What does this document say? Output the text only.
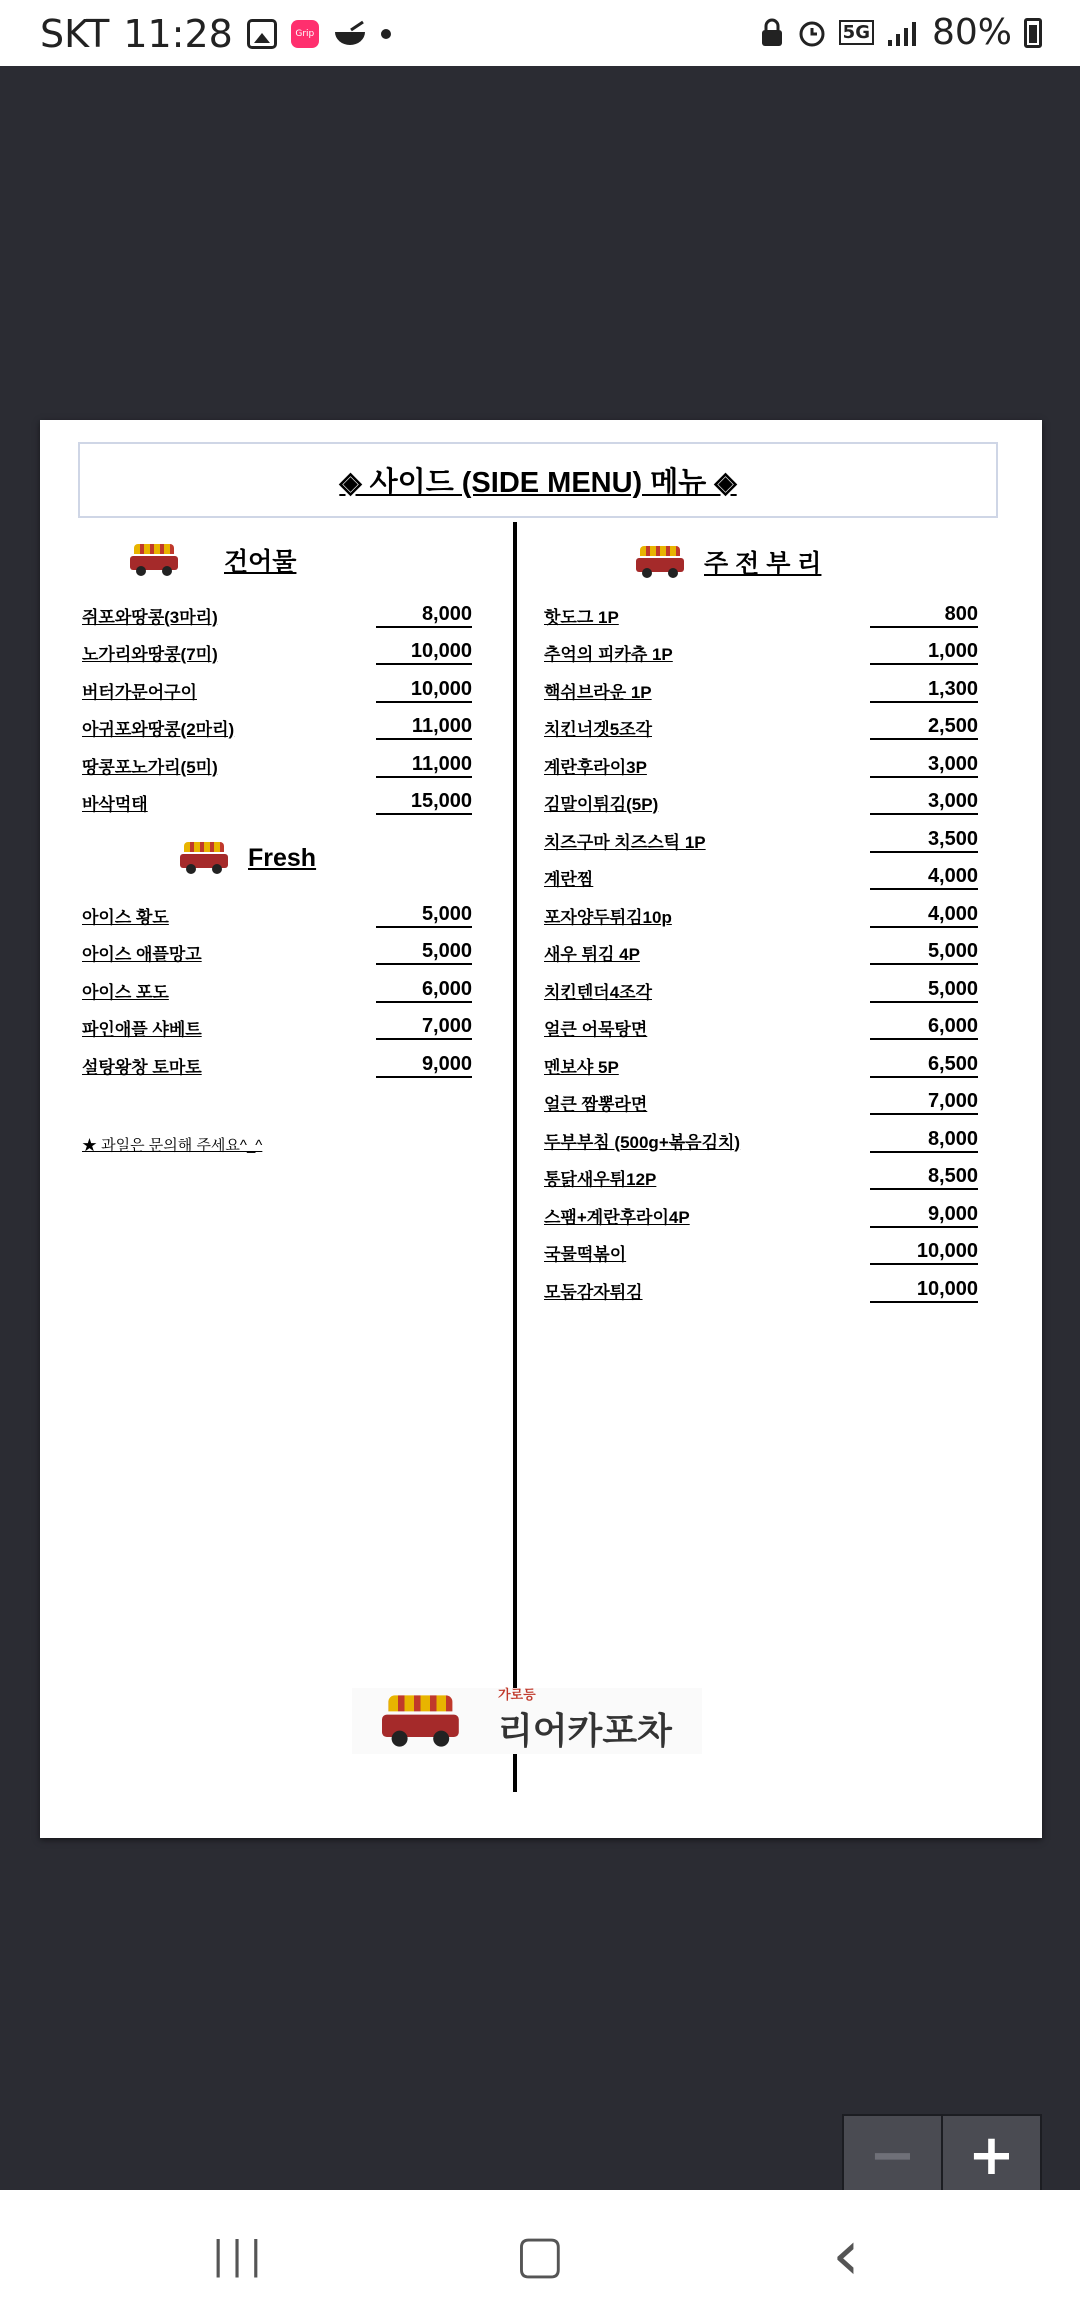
SKT 11:28	Grip	5G 80%
◈ 사이드 (SIDE MENU) 메뉴 ◈
건어물
쥐포와땅콩(3마리)	8,000
노가리와땅콩(7미)	10,000
버터가문어구이	10,000
아귀포와땅콩(2마리)	11,000
땅콩포노가리(5미)	11,000
바삭먹태	15,000
Fresh
아이스 황도	5,000
아이스 애플망고	5,000
아이스 포도	6,000
파인애플 샤베트	7,000
설탕왕창 토마토	9,000
★ 과일은 문의해 주세요^_^
주 전 부 리
핫도그 1P	800
추억의 피카츄 1P	1,000
핵쉬브라운 1P	1,300
치킨너겟5조각	2,500
계란후라이3P	3,000
김말이튀김(5P)	3,000
치즈구마 치즈스틱 1P	3,500
계란찜	4,000
포자양두튀김10p	4,000
새우 튀김 4P	5,000
치킨텐더4조각	5,000
얼큰 어묵탕면	6,000
멘보샤 5P	6,500
얼큰 짬뽕라면	7,000
두부부침 (500g+볶음김치)	8,000
통닭새우튀12P	8,500
스팸+계란후라이4P	9,000
국물떡볶이	10,000
모둠감자튀김	10,000
가로등
리어카포차
− +
|||	▢	‹
